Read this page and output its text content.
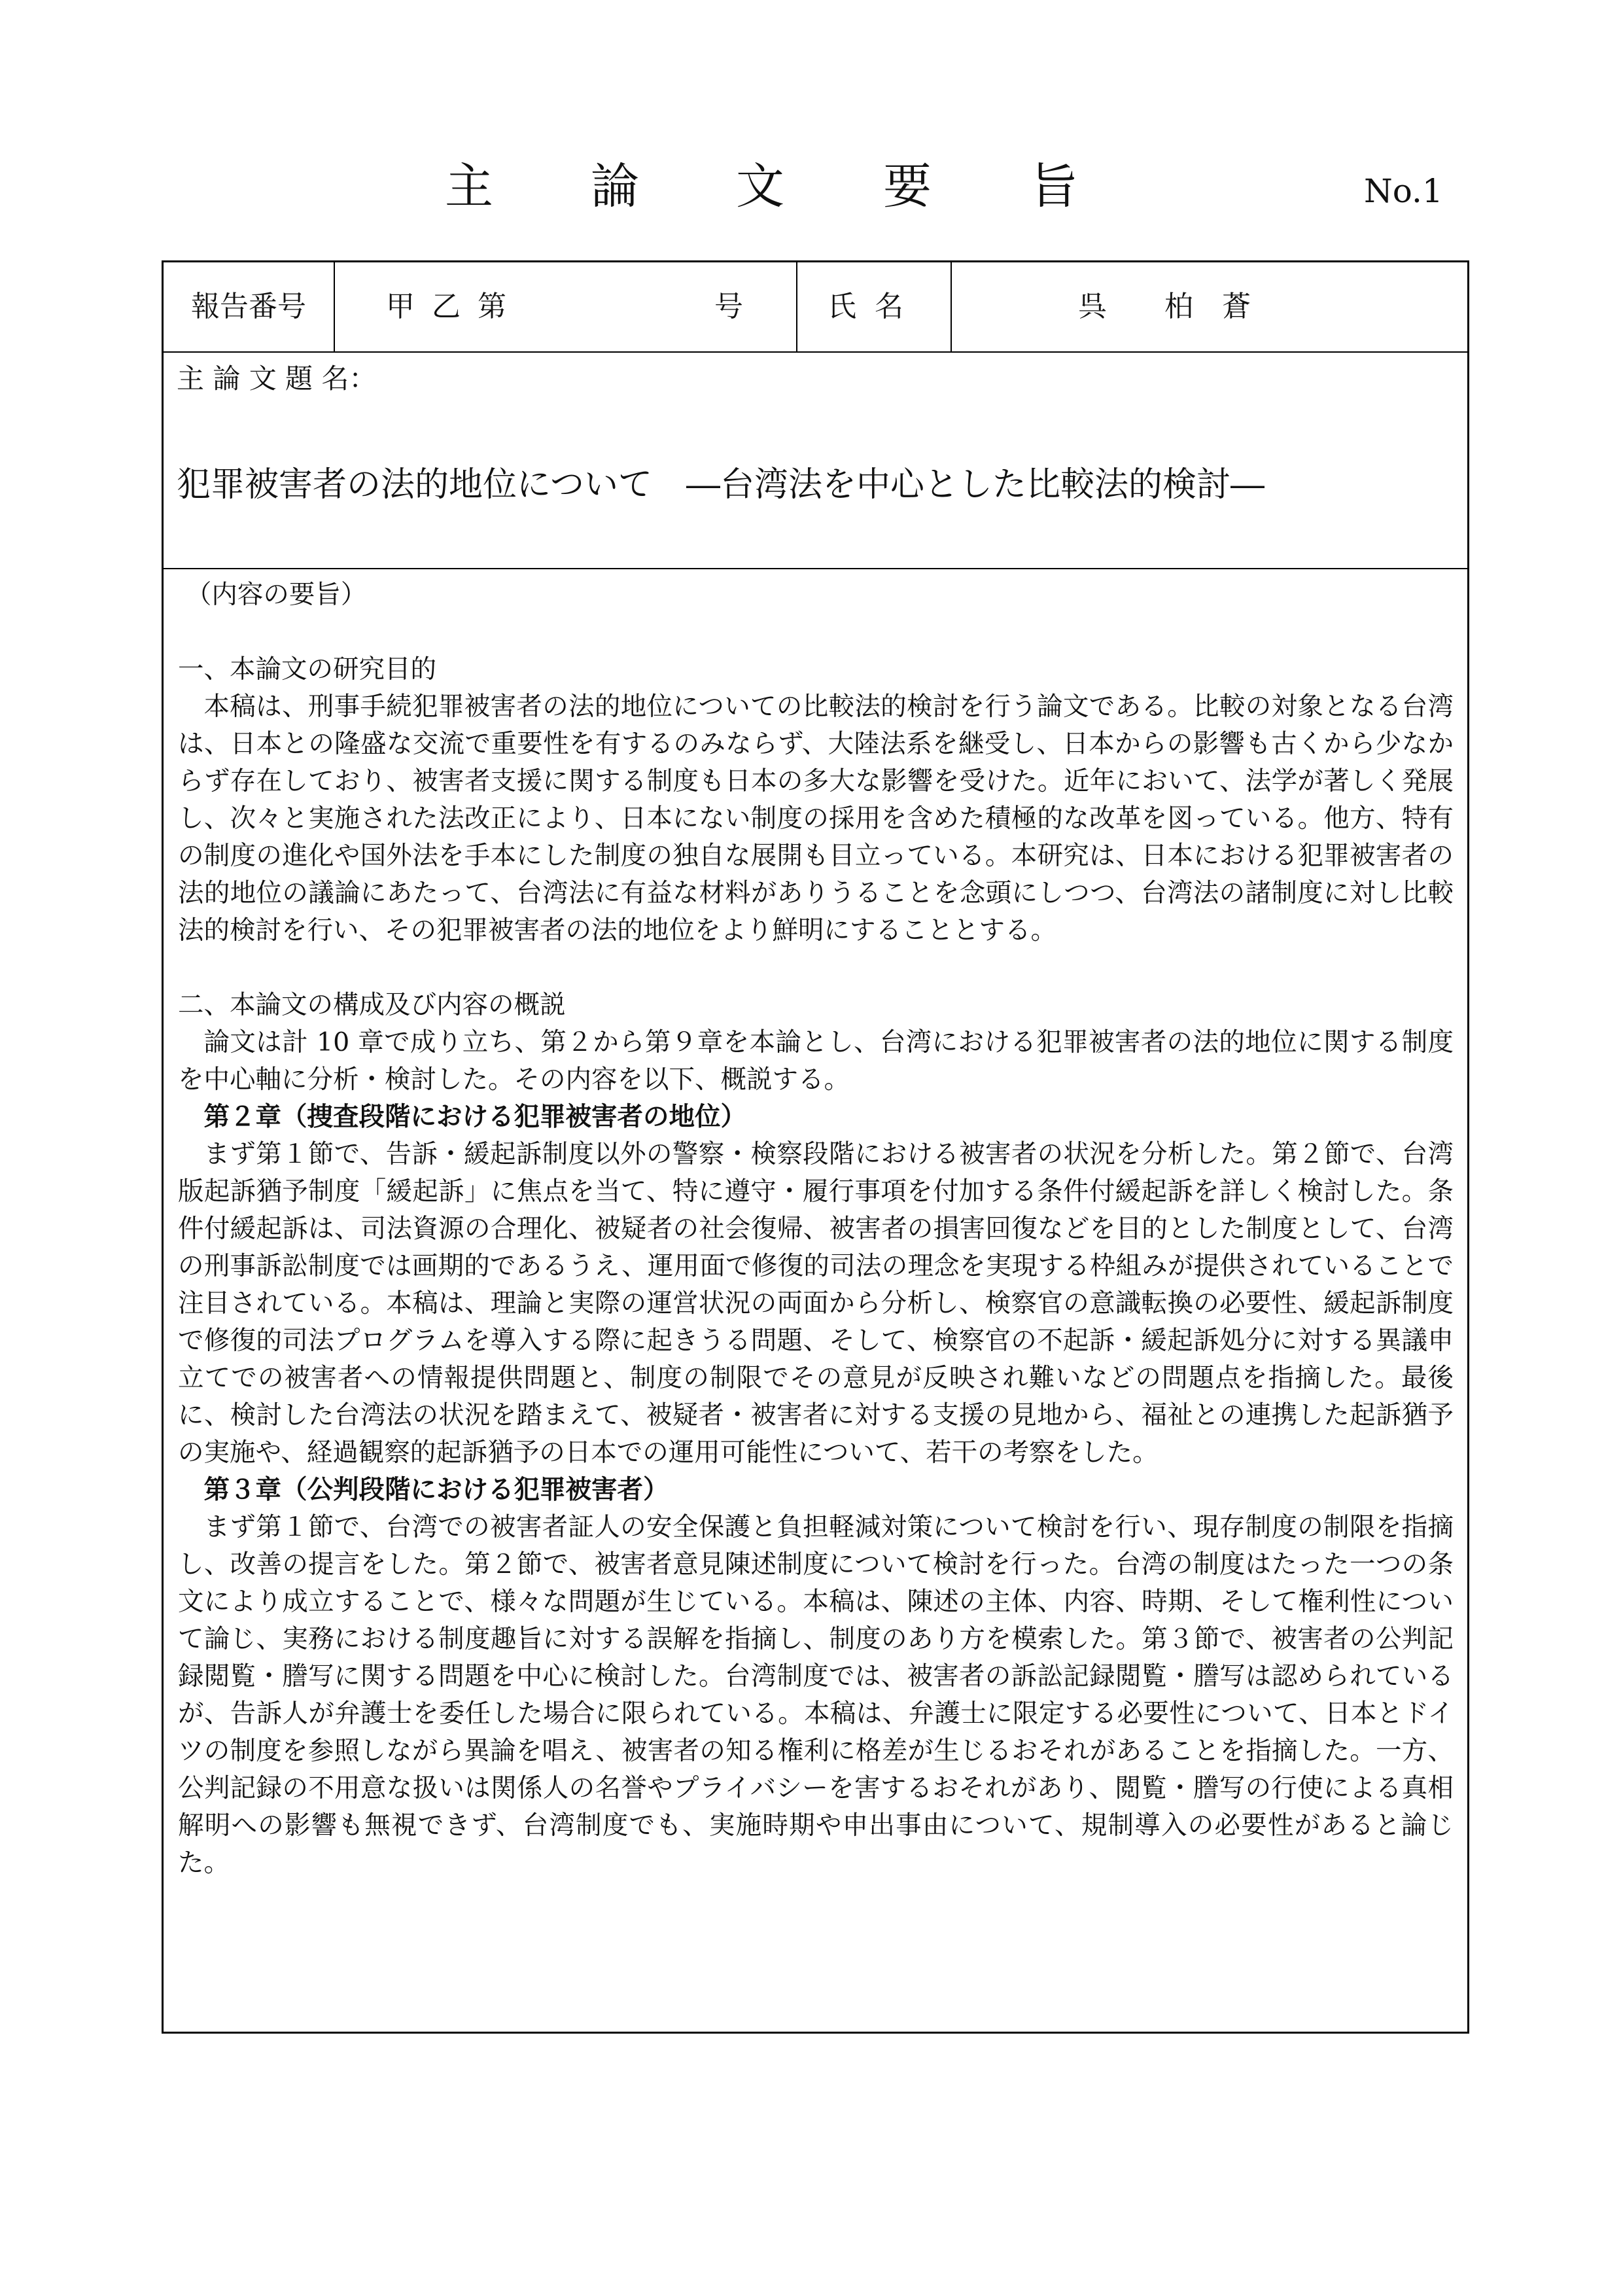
主 論 文 要 旨	No.1
報告番号	甲 乙 第	号	氏  名	呉　　柏　蒼
主 論 文 題 名：
犯罪被害者の法的地位について　―台湾法を中心とした比較法的検討―

（内容の要旨）

一、本論文の研究目的

本稿は、刑事手続犯罪被害者の法的地位についての比較法的検討を行う論文である。比較の対象となる台湾は、日本との隆盛な交流で重要性を有するのみならず、大陸法系を継受し、日本からの影響も古くから少なからず存在しており、被害者支援に関する制度も日本の多大な影響を受けた。近年において、法学が著しく発展し、次々と実施された法改正により、日本にない制度の採用を含めた積極的な改革を図っている。他方、特有の制度の進化や国外法を手本にした制度の独自な展開も目立っている。本研究は、日本における犯罪被害者の法的地位の議論にあたって、台湾法に有益な材料がありうることを念頭にしつつ、台湾法の諸制度に対し比較法的検討を行い、その犯罪被害者の法的地位をより鮮明にすることとする。

二、本論文の構成及び内容の概説

論文は計 10 章で成り立ち、第２から第９章を本論とし、台湾における犯罪被害者の法的地位に関する制度を中心軸に分析・検討した。その内容を以下、概説する。

第２章（捜査段階における犯罪被害者の地位）

まず第１節で、告訴・緩起訴制度以外の警察・検察段階における被害者の状況を分析した。第２節で、台湾版起訴猶予制度「緩起訴」に焦点を当て、特に遵守・履行事項を付加する条件付緩起訴を詳しく検討した。条件付緩起訴は、司法資源の合理化、被疑者の社会復帰、被害者の損害回復などを目的とした制度として、台湾の刑事訴訟制度では画期的であるうえ、運用面で修復的司法の理念を実現する枠組みが提供されていることで注目されている。本稿は、理論と実際の運営状況の両面から分析し、検察官の意識転換の必要性、緩起訴制度で修復的司法プログラムを導入する際に起きうる問題、そして、検察官の不起訴・緩起訴処分に対する異議申立てでの被害者への情報提供問題と、制度の制限でその意見が反映され難いなどの問題点を指摘した。最後に、検討した台湾法の状況を踏まえて、被疑者・被害者に対する支援の見地から、福祉との連携した起訴猶予の実施や、経過観察的起訴猶予の日本での運用可能性について、若干の考察をした。

第３章（公判段階における犯罪被害者）

まず第１節で、台湾での被害者証人の安全保護と負担軽減対策について検討を行い、現存制度の制限を指摘し、改善の提言をした。第２節で、被害者意見陳述制度について検討を行った。台湾の制度はたった一つの条文により成立することで、様々な問題が生じている。本稿は、陳述の主体、内容、時期、そして権利性について論じ、実務における制度趣旨に対する誤解を指摘し、制度のあり方を模索した。第３節で、被害者の公判記録閲覧・謄写に関する問題を中心に検討した。台湾制度では、被害者の訴訟記録閲覧・謄写は認められているが、告訴人が弁護士を委任した場合に限られている。本稿は、弁護士に限定する必要性について、日本とドイツの制度を参照しながら異論を唱え、被害者の知る権利に格差が生じるおそれがあることを指摘した。一方、公判記録の不用意な扱いは関係人の名誉やプライバシーを害するおそれがあり、閲覧・謄写の行使による真相解明への影響も無視できず、台湾制度でも、実施時期や申出事由について、規制導入の必要性があると論じた。
